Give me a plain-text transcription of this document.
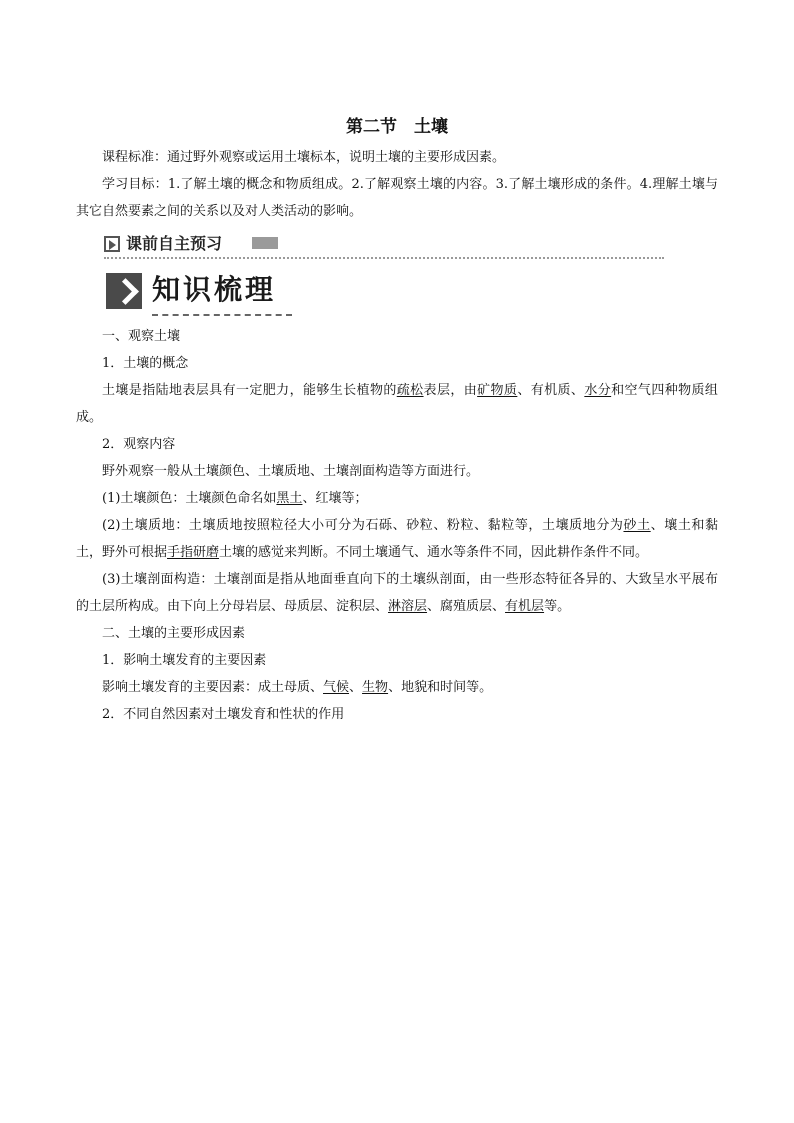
第二节　土壤

课程标准：通过野外观察或运用土壤标本，说明土壤的主要形成因素。

学习目标：1.了解土壤的概念和物质组成。2.了解观察土壤的内容。3.了解土壤形成的条件。4.理解土壤与其它自然要素之间的关系以及对人类活动的影响。

课前自主预习
知识梳理

一、观察土壤

1．土壤的概念

土壤是指陆地表层具有一定肥力，能够生长植物的疏松表层，由矿物质、有机质、水分和空气四种物质组成。

2．观察内容

野外观察一般从土壤颜色、土壤质地、土壤剖面构造等方面进行。

(1)土壤颜色：土壤颜色命名如黑土、红壤等；

(2)土壤质地：土壤质地按照粒径大小可分为石砾、砂粒、粉粒、黏粒等，土壤质地分为砂土、壤土和黏土，野外可根据手指研磨土壤的感觉来判断。不同土壤通气、通水等条件不同，因此耕作条件不同。

(3)土壤剖面构造：土壤剖面是指从地面垂直向下的土壤纵剖面，由一些形态特征各异的、大致呈水平展布的土层所构成。由下向上分母岩层、母质层、淀积层、淋溶层、腐殖质层、有机层等。

二、土壤的主要形成因素

1．影响土壤发育的主要因素

影响土壤发育的主要因素：成土母质、气候、生物、地貌和时间等。

2．不同自然因素对土壤发育和性状的作用
